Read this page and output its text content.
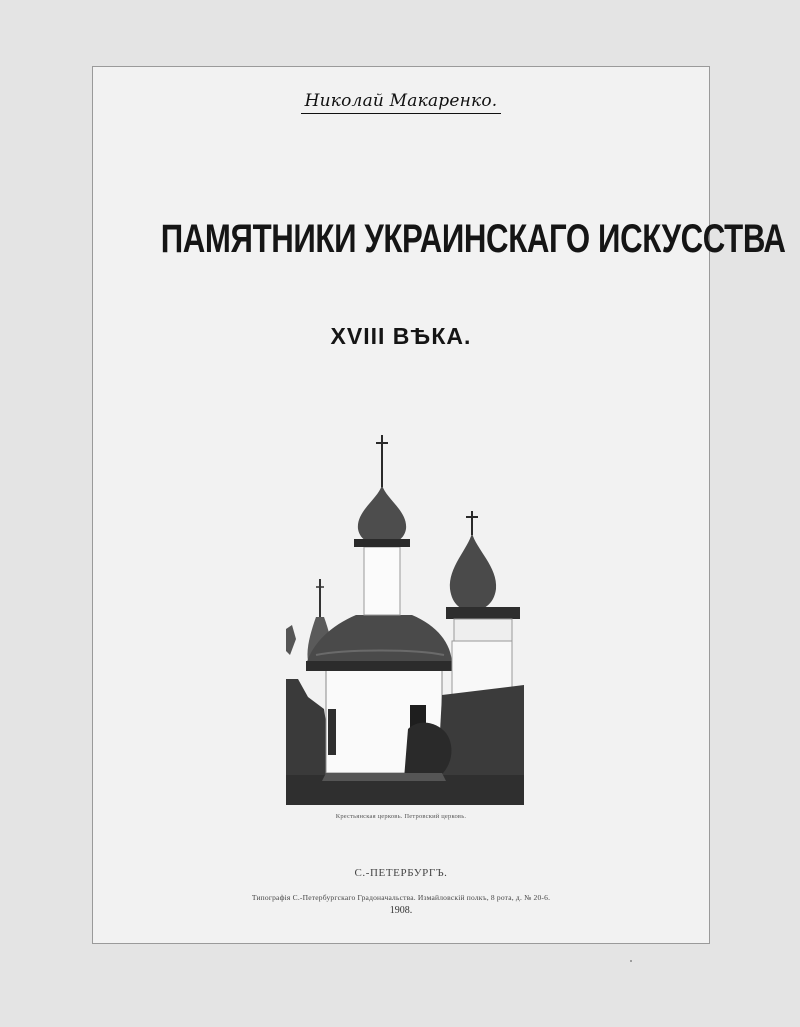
Николай Макаренко.
ПАМЯТНИКИ УКРАИНСКАГО ИСКУССТВА
XVIII ВѢКА.
Крестьянская церковь. Петровский церковь.
С.-ПЕТЕРБУРГЪ.
Типографія С.-Петербургскаго Градоначальства. Измайловскій полкъ, 8 рота, д. № 20-6.
1908.
